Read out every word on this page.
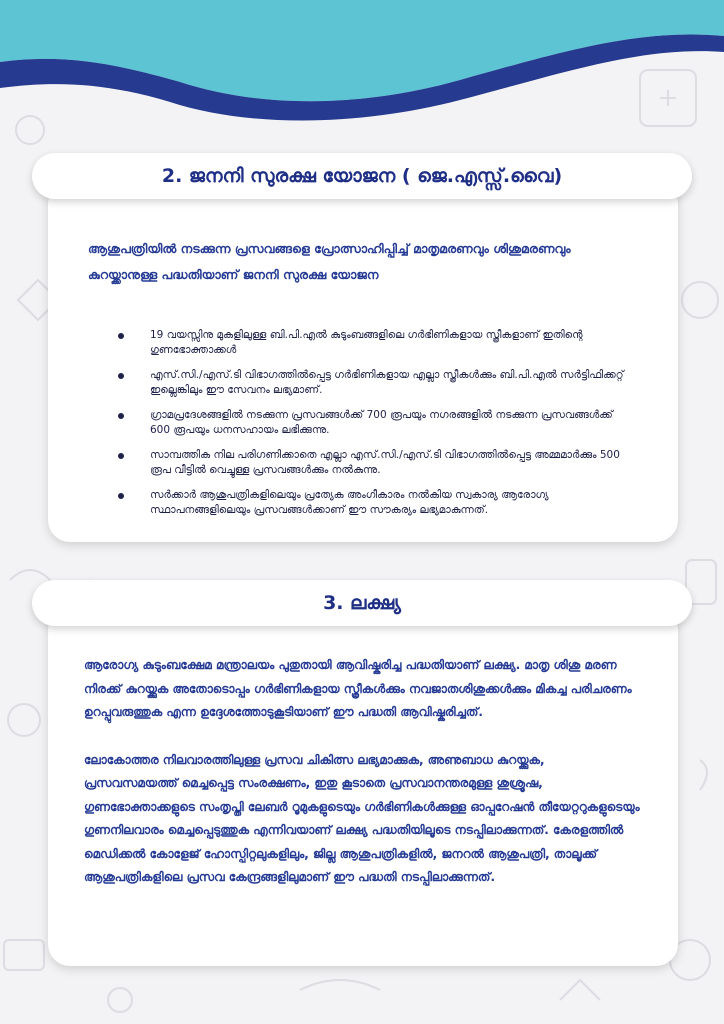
2. ജനനി സുരക്ഷ യോജന ( ജെ.എസ്സ്.വൈ)

ആശുപത്രിയിൽ നടക്കുന്ന പ്രസവങ്ങളെ പ്രോത്സാഹിപ്പിച്ച് മാതൃമരണവും ശിശുമരണവും കുറയ്ക്കാനുള്ള പദ്ധതിയാണ് ജനനി സുരക്ഷ യോജന

19 വയസ്സിനു മുകളിലുള്ള ബി.പി.എൽ കുടുംബങ്ങളിലെ ഗർഭിണികളായ സ്ത്രീകളാണ് ഇതിന്റെ ഗുണഭോക്താക്കൾ
എസ്.സി./എസ്.ടി വിഭാഗത്തിൽപ്പെട്ട ഗർഭിണികളായ എല്ലാ സ്ത്രീകൾക്കും ബി.പി.എൽ സർട്ടിഫിക്കറ്റ് ഇല്ലെങ്കിലും ഈ സേവനം ലഭ്യമാണ്.
ഗ്രാമപ്രദേശങ്ങളിൽ നടക്കുന്ന പ്രസവങ്ങൾക്ക് 700 രൂപയും നഗരങ്ങളിൽ നടക്കുന്ന പ്രസവങ്ങൾക്ക് 600 രൂപയും ധനസഹായം ലഭിക്കുന്നു.
സാമ്പത്തിക നില പരിഗണിക്കാതെ എല്ലാ എസ്.സി./എസ്.ടി വിഭാഗത്തിൽപ്പെട്ട അമ്മമാർക്കും 500 രൂപ വീട്ടിൽ വെച്ചുള്ള പ്രസവങ്ങൾക്കും നൽകുന്നു.
സർക്കാർ ആശുപത്രികളിലെയും പ്രത്യേക അംഗീകാരം നൽകിയ സ്വകാര്യ ആരോഗ്യ സ്ഥാപനങ്ങളിലെയും പ്രസവങ്ങൾക്കാണ് ഈ സൗകര്യം ലഭ്യമാകുന്നത്.
3. ലക്ഷ്യ

ആരോഗ്യ കുടുംബക്ഷേമ മന്ത്രാലയം പുതുതായി ആവിഷ്കരിച്ച പദ്ധതിയാണ് ലക്ഷ്യ. മാതൃ ശിശു മരണ നിരക്ക് കുറയ്ക്കുക അതോടൊപ്പം ഗർഭിണികളായ സ്ത്രീകൾക്കും നവജാതശിശുക്കൾക്കും മികച്ച പരിചരണം ഉറപ്പുവരുത്തുക എന്ന ഉദ്ദേശത്തോടുകൂടിയാണ് ഈ പദ്ധതി ആവിഷ്കരിച്ചത്.

ലോകോത്തര നിലവാരത്തിലുള്ള പ്രസവ ചികിത്സ ലഭ്യമാക്കുക, അണുബാധ കുറയ്ക്കുക, പ്രസവസമയത്ത് മെച്ചപ്പെട്ട സംരക്ഷണം, ഇതു കൂടാതെ പ്രസവാനന്തരമുള്ള ശുശ്രൂഷ, ഗുണഭോക്താക്കളുടെ സംതൃപ്തി ലേബർ റൂമുകളുടെയും ഗർഭിണികൾക്കുള്ള ഓപ്പറേഷൻ തീയേറ്ററുകളുടെയും ഗുണനിലവാരം മെച്ചപ്പെടുത്തുക എന്നിവയാണ് ലക്ഷ്യ പദ്ധതിയിലൂടെ നടപ്പിലാക്കുന്നത്. കേരളത്തിൽ മെഡിക്കൽ കോളേജ് ഹോസ്പിറ്റലുകളിലും, ജില്ല ആശുപത്രികളിൽ, ജനറൽ ആശുപത്രി, താലൂക്ക് ആശുപത്രികളിലെ പ്രസവ കേന്ദ്രങ്ങളിലുമാണ് ഈ പദ്ധതി നടപ്പിലാക്കുന്നത്.
